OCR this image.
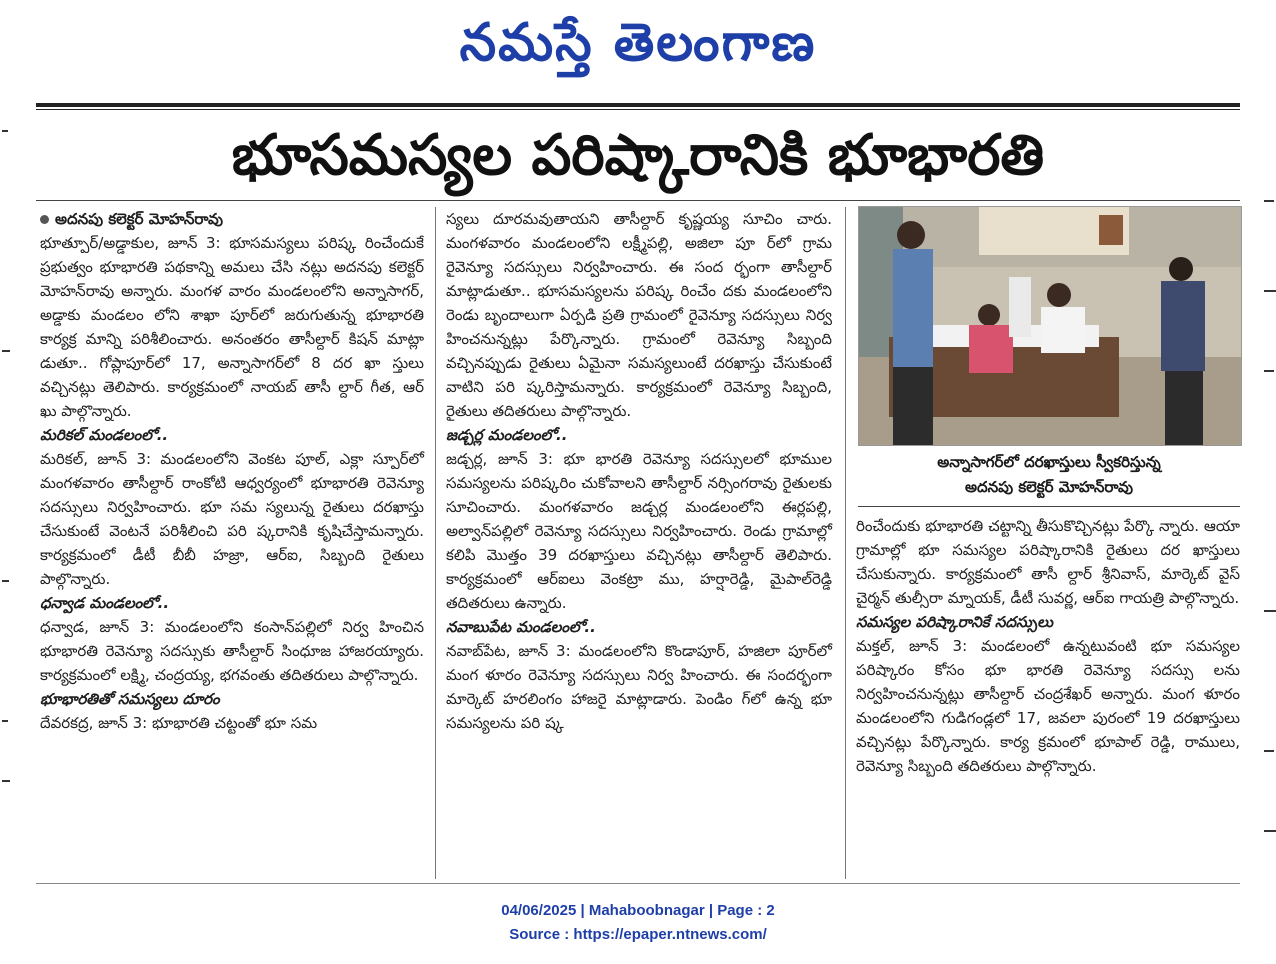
నమస్తే తెలంగాణ
భూసమస్యల పరిష్కారానికి భూభారతి

అదనపు కలెక్టర్ మోహన్‌రావు

భూత్పూర్/అడ్డాకుల, జూన్ 3: భూసమస్యలు పరిష్క రించేందుకే ప్రభుత్వం భూభారతి పథకాన్ని అమలు చేసి నట్లు అదనపు కలెక్టర్ మోహన్‌రావు అన్నారు. మంగళ వారం మండలంలోని అన్నాసాగర్, అడ్డాకు మండలం లోని శాఖా పూర్‌లో జరుగుతున్న భూభారతి కార్యక్ర మాన్ని పరిశీలించారు. అనంతరం తాసీల్దార్ కిషన్ మాట్లా డుతూ.. గోప్లాపూర్‌లో 17, అన్నాసాగర్‌లో 8 దర ఖా స్తులు వచ్చినట్లు తెలిపారు. కార్యక్రమంలో నాయబ్ తాసీ ల్దార్ గీత, ఆర్ ఖు పాల్గొన్నారు.

మరికల్ మండలంలో..

మరికల్, జూన్ 3: మండలంలోని వెంకట పూల్, ఎక్లా స్పూర్‌లో మంగళవారం తాసీల్దార్ రాంకోటి ఆధ్వర్యంలో భూభారతి రెవెన్యూ సదస్సులు నిర్వహించారు. భూ సమ స్యలున్న రైతులు దరఖాస్తు చేసుకుంటే వెంటనే పరిశీలించి పరి ష్కరానికి కృషిచేస్తామన్నారు. కార్యక్రమంలో డీటీ బీబీ హజ్రా, ఆర్ఐ, సిబ్బంది రైతులు పాల్గొన్నారు.

ధన్వాడ మండలంలో..

ధన్వాడ, జూన్ 3: మండలంలోని కంసాన్‌పల్లిలో నిర్వ హించిన భూభారతి రెవెన్యూ సదస్సుకు తాసీల్దార్ సింధూజ హాజరయ్యారు. కార్యక్రమంలో లక్ష్మి, చంద్రయ్య, భగవంతు తదితరులు పాల్గొన్నారు.

భూభారతితో సమస్యలు దూరం

దేవరకద్ర, జూన్ 3: భూభారతి చట్టంతో భూ సమ

స్యలు దూరమవుతాయని తాసీల్దార్ కృష్ణయ్య సూచిం చారు. మంగళవారం మండలంలోని లక్ష్మీపల్లి, అజిలా పూ ర్‌లో గ్రామ రైవెన్యూ సదస్సులు నిర్వహించారు. ఈ సంద ర్భంగా తాసీల్దార్ మాట్లాడుతూ.. భూసమస్యలను పరిష్క రించేం దకు మండలంలోని రెండు బృందాలుగా ఏర్పడి ప్రతి గ్రామంలో రైవెన్యూ సదస్సులు నిర్వ హించనున్నట్లు పేర్కొన్నారు. గ్రామంలో రెవెన్యూ సిబ్బంది వచ్చినప్పుడు రైతులు ఏమైనా సమస్యలుంటే దరఖాస్తు చేసుకుంటే వాటిని పరి ష్కరిస్తామన్నారు. కార్యక్రమంలో రెవెన్యూ సిబ్బంది, రైతులు తదితరులు పాల్గొన్నారు.

జడ్చర్ల మండలంలో..

జడ్చర్ల, జూన్ 3: భూ భారతి రెవెన్యూ సదస్సులలో భూముల సమస్యలను పరిష్కరిం చుకోవాలని తాసీల్దార్ నర్సింగరావు రైతులకు సూచించారు. మంగళవారం జడ్చర్ల మండలంలోని ఈర్లపల్లి, అల్వాన్‌పల్లిలో రెవెన్యూ సదస్సులు నిర్వహించారు. రెండు గ్రామాల్లో కలిపి మొత్తం 39 దరఖాస్తులు వచ్చినట్లు తాసీల్దార్ తెలిపారు. కార్యక్రమంలో ఆర్ఐలు వెంకట్రా ము, హర్షారెడ్డి, మైపాల్‌రెడ్డి తదితరులు ఉన్నారు.

నవాబుపేట మండలంలో..

నవాబ్‌పేట, జూన్ 3: మండలంలోని కొండాపూర్, హజిలా పూర్‌లో మంగ ళూరం రెవెన్యూ సదస్సులు నిర్వ హించారు. ఈ సందర్భంగా మార్కెట్ హరలింగం హాజరై మాట్లాడారు. పెండిం గ్‌లో ఉన్న భూ సమస్యలను పరి ష్క

అన్నాసాగర్‌లో దరఖాస్తులు స్వీకరిస్తున్న
అదనపు కలెక్టర్ మోహన్‌రావు

రించేందుకు భూభారతి చట్టాన్ని తీసుకొచ్చినట్లు పేర్కొ న్నారు. ఆయా గ్రామాల్లో భూ సమస్యల పరిష్కారానికి రైతులు దర ఖాస్తులు చేసుకున్నారు. కార్యక్రమంలో తాసీ ల్దార్ శ్రీనివాస్, మార్కెట్ వైస్ చైర్మన్ తుల్సీరా మ్నాయక్, డీటీ సువర్ణ, ఆర్ఐ గాయత్రి పాల్గొన్నారు.

సమస్యల పరిష్కారానికే సదస్సులు

మక్తల్, జూన్ 3: మండలంలో ఉన్నటువంటి భూ సమస్యల పరిష్కారం కోసం భూ భారతి రెవెన్యూ సదస్సు లను నిర్వహించనున్నట్లు తాసీల్దార్ చంద్రశేఖర్ అన్నారు. మంగ ళూరం మండలంలోని గుడిగండ్లలో 17, జవలా పురంలో 19 దరఖాస్తులు వచ్చినట్లు పేర్కొన్నారు. కార్య క్రమంలో భూపాల్ రెడ్డి, రాములు, రెవెన్యూ సిబ్బంది తదితరులు పాల్గొన్నారు.

04/06/2025 | Mahaboobnagar | Page : 2
Source : https://epaper.ntnews.com/
